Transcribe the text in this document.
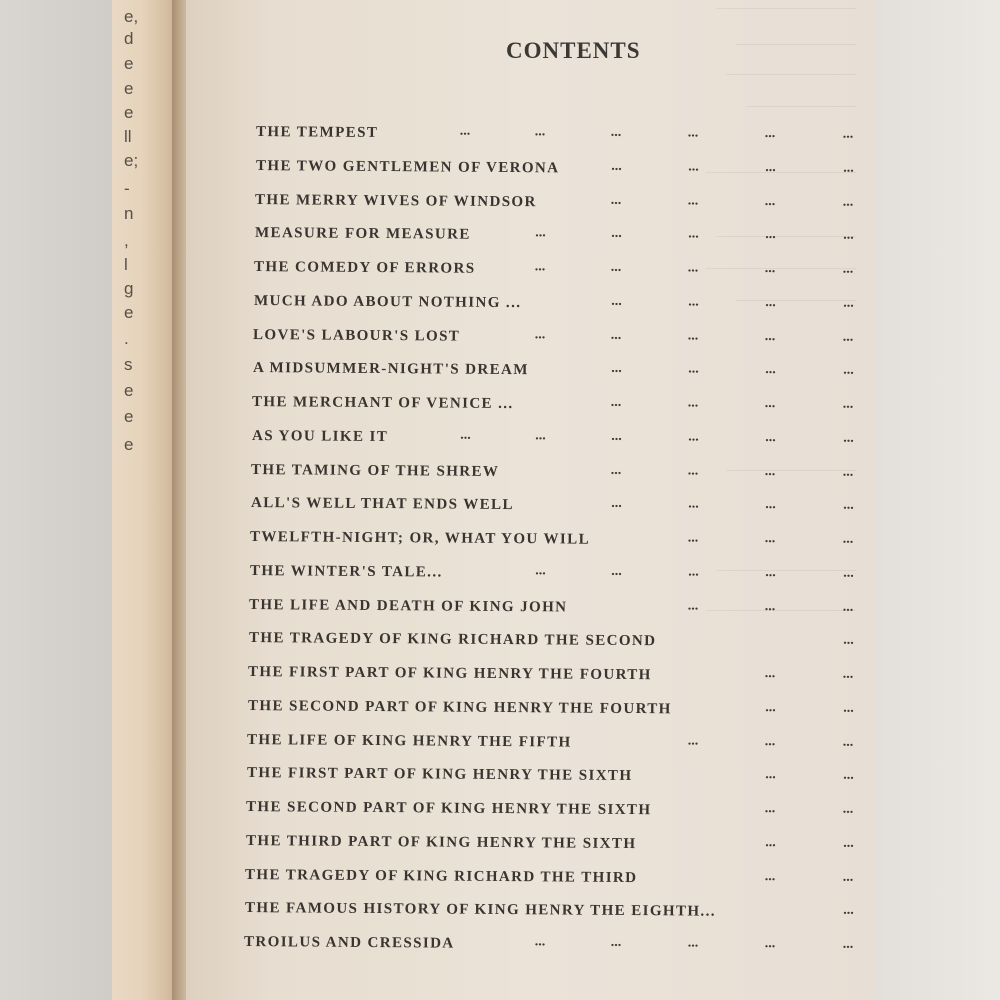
e,
d
e
e
e
ll
e;
-
n
,
l
g
e
.
s
e
e
e
CONTENTS
THE TEMPEST	...	...	...	...	...	...
THE TWO GENTLEMEN OF VERONA	...	...	...	...
THE MERRY WIVES OF WINDSOR	...	...	...	...
MEASURE FOR MEASURE	...	...	...	...	...
THE COMEDY OF ERRORS	...	...	...	...	...
MUCH ADO ABOUT NOTHING ...	...	...	...	...
LOVE'S LABOUR'S LOST	...	...	...	...	...
A MIDSUMMER-NIGHT'S DREAM	...	...	...	...
THE MERCHANT OF VENICE ...	...	...	...	...
AS YOU LIKE IT	...	...	...	...	...	...
THE TAMING OF THE SHREW	...	...	...	...
ALL'S WELL THAT ENDS WELL	...	...	...	...
TWELFTH-NIGHT; OR, WHAT YOU WILL	...	...	...
THE WINTER'S TALE...	...	...	...	...	...
THE LIFE AND DEATH OF KING JOHN	...	...	...
THE TRAGEDY OF KING RICHARD THE SECOND	...
THE FIRST PART OF KING HENRY THE FOURTH	...	...
THE SECOND PART OF KING HENRY THE FOURTH	...	...
THE LIFE OF KING HENRY THE FIFTH	...	...	...
THE FIRST PART OF KING HENRY THE SIXTH	...	...
THE SECOND PART OF KING HENRY THE SIXTH	...	...
THE THIRD PART OF KING HENRY THE SIXTH	...	...
THE TRAGEDY OF KING RICHARD THE THIRD	...	...
THE FAMOUS HISTORY OF KING HENRY THE EIGHTH...	...
TROILUS AND CRESSIDA	...	...	...	...	...
